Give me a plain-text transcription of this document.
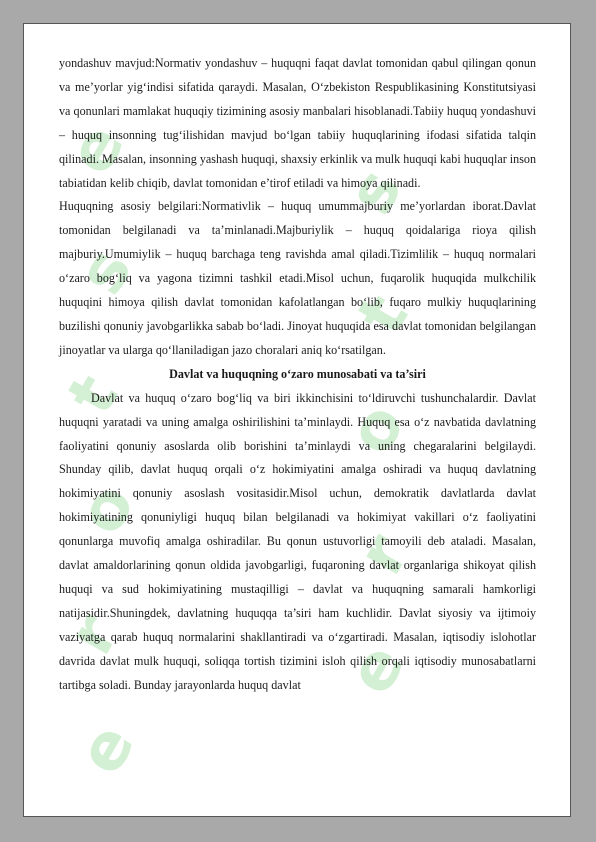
e
s
t
o
r
e
s
t
o
r
e

yondashuv mavjud:Normativ yondashuv – huquqni faqat davlat tomonidan qabul qilingan qonun va me’yorlar yig‘indisi sifatida qaraydi. Masalan, O‘zbekiston Respublikasining Konstitutsiyasi va qonunlari mamlakat huquqiy tizimining asosiy manbalari hisoblanadi.Tabiiy huquq yondashuvi – huquq insonning tug‘ilishidan mavjud bo‘lgan tabiiy huquqlarining ifodasi sifatida talqin qilinadi. Masalan, insonning yashash huquqi, shaxsiy erkinlik va mulk huquqi kabi huquqlar inson tabiatidan kelib chiqib, davlat tomonidan e’tirof etiladi va himoya qilinadi.

Huquqning asosiy belgilari:Normativlik – huquq umummajburiy me’yorlardan iborat.Davlat tomonidan belgilanadi va ta’minlanadi.Majburiylik – huquq qoidalariga rioya qilish majburiy.Umumiylik – huquq barchaga teng ravishda amal qiladi.Tizimlilik – huquq normalari o‘zaro bog‘liq va yagona tizimni tashkil etadi.Misol uchun, fuqarolik huquqida mulkchilik huquqini himoya qilish davlat tomonidan kafolatlangan bo‘lib, fuqaro mulkiy huquqlarining buzilishi qonuniy javobgarlikka sabab bo‘ladi. Jinoyat huquqida esa davlat tomonidan belgilangan jinoyatlar va ularga qo‘llaniladigan jazo choralari aniq ko‘rsatilgan.

Davlat va huquqning o‘zaro munosabati va ta’siri

Davlat va huquq o‘zaro bog‘liq va biri ikkinchisini to‘ldiruvchi tushunchalardir. Davlat huquqni yaratadi va uning amalga oshirilishini ta’minlaydi. Huquq esa o‘z navbatida davlatning faoliyatini qonuniy asoslarda olib borishini ta’minlaydi va uning chegaralarini belgilaydi. Shunday qilib, davlat huquq orqali o‘z hokimiyatini amalga oshiradi va huquq davlatning hokimiyatini qonuniy asoslash vositasidir.Misol uchun, demokratik davlatlarda davlat hokimiyatining qonuniyligi huquq bilan belgilanadi va hokimiyat vakillari o‘z faoliyatini qonunlarga muvofiq amalga oshiradilar. Bu qonun ustuvorligi tamoyili deb ataladi. Masalan, davlat amaldorlarining qonun oldida javobgarligi, fuqaroning davlat organlariga shikoyat qilish huquqi va sud hokimiyatining mustaqilligi – davlat va huquqning samarali hamkorligi natijasidir.Shuningdek, davlatning huquqqa ta’siri ham kuchlidir. Davlat siyosiy va ijtimoiy vaziyatga qarab huquq normalarini shakllantiradi va o‘zgartiradi. Masalan, iqtisodiy islohotlar davrida davlat mulk huquqi, soliqqa tortish tizimini isloh qilish orqali iqtisodiy munosabatlarni tartibga soladi. Bunday jarayonlarda huquq davlat
